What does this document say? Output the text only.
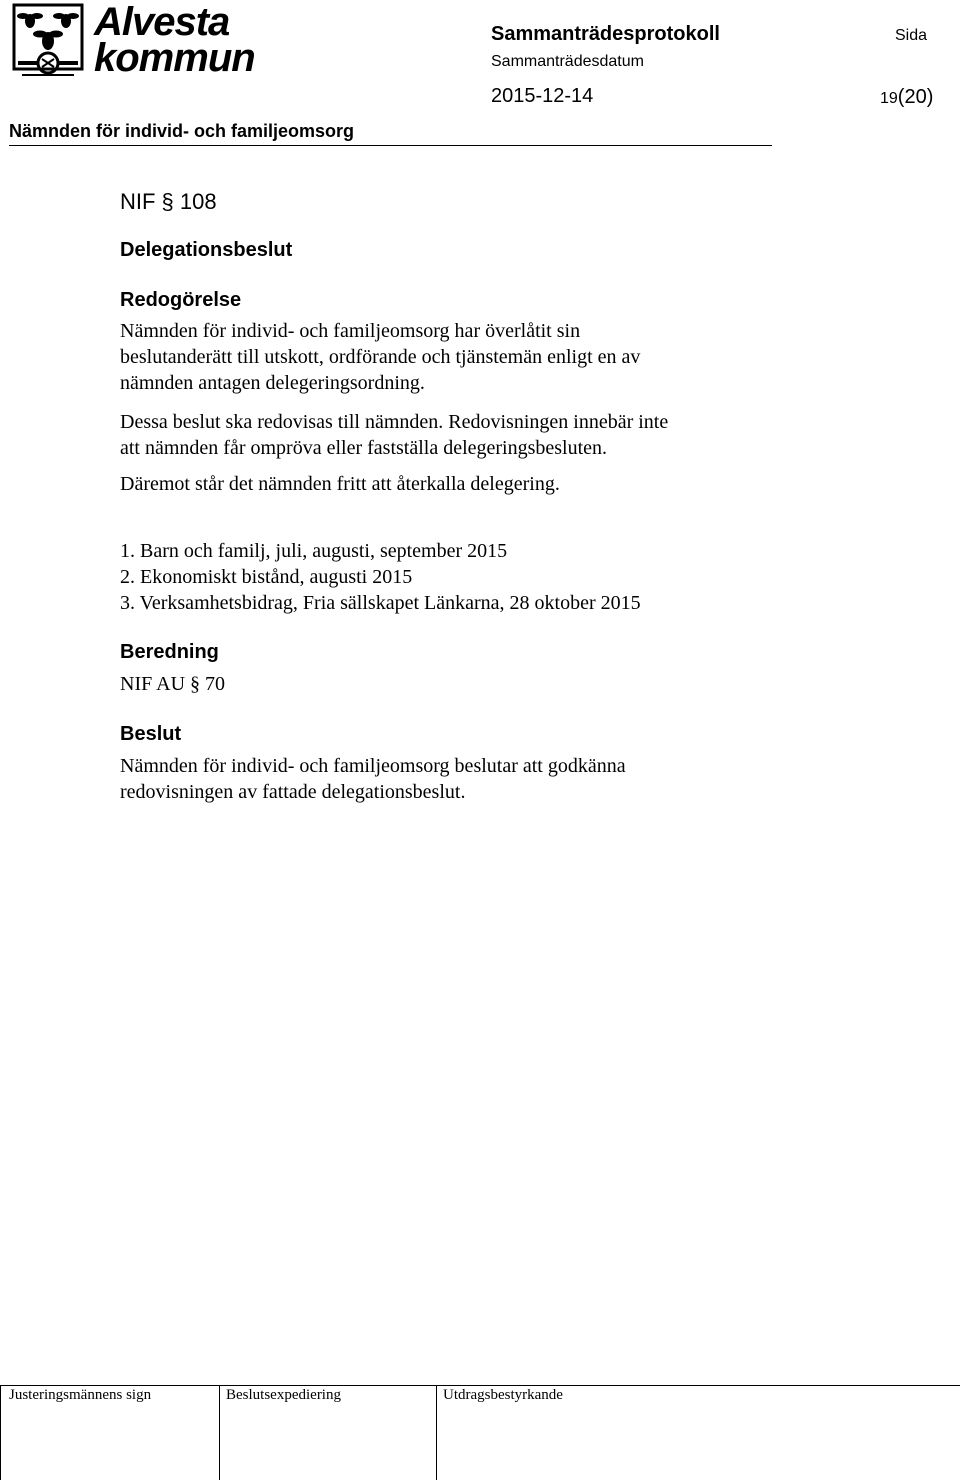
Alvesta
kommun
Sammanträdesprotokoll
Sammanträdesdatum
2015-12-14
Sida
19(20)
Nämnden för individ- och familjeomsorg
NIF § 108
Delegationsbeslut
Redogörelse
Nämnden för individ- och familjeomsorg har överlåtit sin
beslutanderätt till utskott, ordförande och tjänstemän enligt en av
nämnden antagen delegeringsordning.
Dessa beslut ska redovisas till nämnden. Redovisningen innebär inte
att nämnden får ompröva eller fastställa delegeringsbesluten.
Däremot står det nämnden fritt att återkalla delegering.
1. Barn och familj, juli, augusti, september 2015
2. Ekonomiskt bistånd, augusti 2015
3. Verksamhetsbidrag, Fria sällskapet Länkarna, 28 oktober 2015
Beredning
NIF AU § 70
Beslut
Nämnden för individ- och familjeomsorg beslutar att godkänna
redovisningen av fattade delegationsbeslut.
Justeringsmännens sign	Beslutsexpediering	Utdragsbestyrkande
